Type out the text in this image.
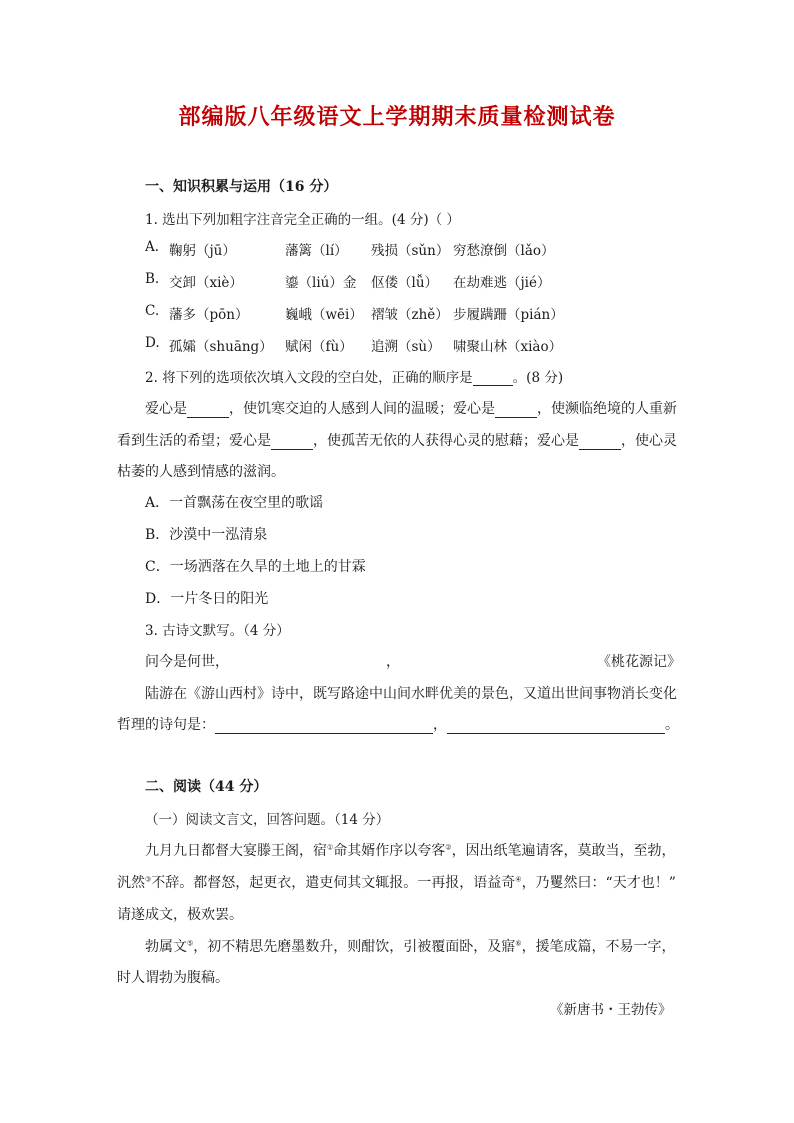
部编版八年级语文上学期期末质量检测试卷
一、知识积累与运用（16 分）
1. 选出下列加粗字注音完全正确的一组。(4 分)（ ）
A. 鞠躬（jū）	藩篱（lí） 残损（sǔn） 穷愁潦倒（lǎo）
B. 交卸（xiè）	鎏（liú）金 伛偻（lǚ） 在劫难逃（jié）
C. 藩多（pōn）	巍峨（wēi） 褶皱（zhě） 步履蹒跚（pián）
D. 孤孀（shuāng） 赋闲（fù） 追溯（sù） 啸聚山林（xiào）
2. 将下列的选项依次填入文段的空白处，正确的顺序是	。(8 分)
爱心是	，使饥寒交迫的人感到人间的温暖；爱心是	，使濒临绝境的人重新
看到生活的希望；爱心是	，使孤苦无依的人获得心灵的慰藉；爱心是	，使心灵
枯萎的人感到情感的滋润。
A．一首飘荡在夜空里的歌谣
B．沙漠中一泓清泉
C．一场洒落在久旱的土地上的甘霖
D．一片冬日的阳光
3. 古诗文默写。（4 分）
问今是何世，	，	《桃花源记》
陆游在《游山西村》诗中，既写路途中山间水畔优美的景色，又道出世间事物消长变化
哲理的诗句是：	，	。
二、阅读（44 分）
（一）阅读文言文，回答问题。（14 分）
九月九日都督大宴滕王阁，宿①命其婿作序以夸客②，因出纸笔遍请客，莫敢当，至勃，
汎然③不辞。都督怒，起更衣，遣吏伺其文辄报。一再报，语益奇④，乃矍然曰：“天才也！”
请遂成文，极欢罢。
勃属文⑤，初不精思先磨墨数升，则酣饮，引被覆面卧，及寤⑥，援笔成篇，不易一字，
时人谓勃为腹稿。
《新唐书・王勃传》
